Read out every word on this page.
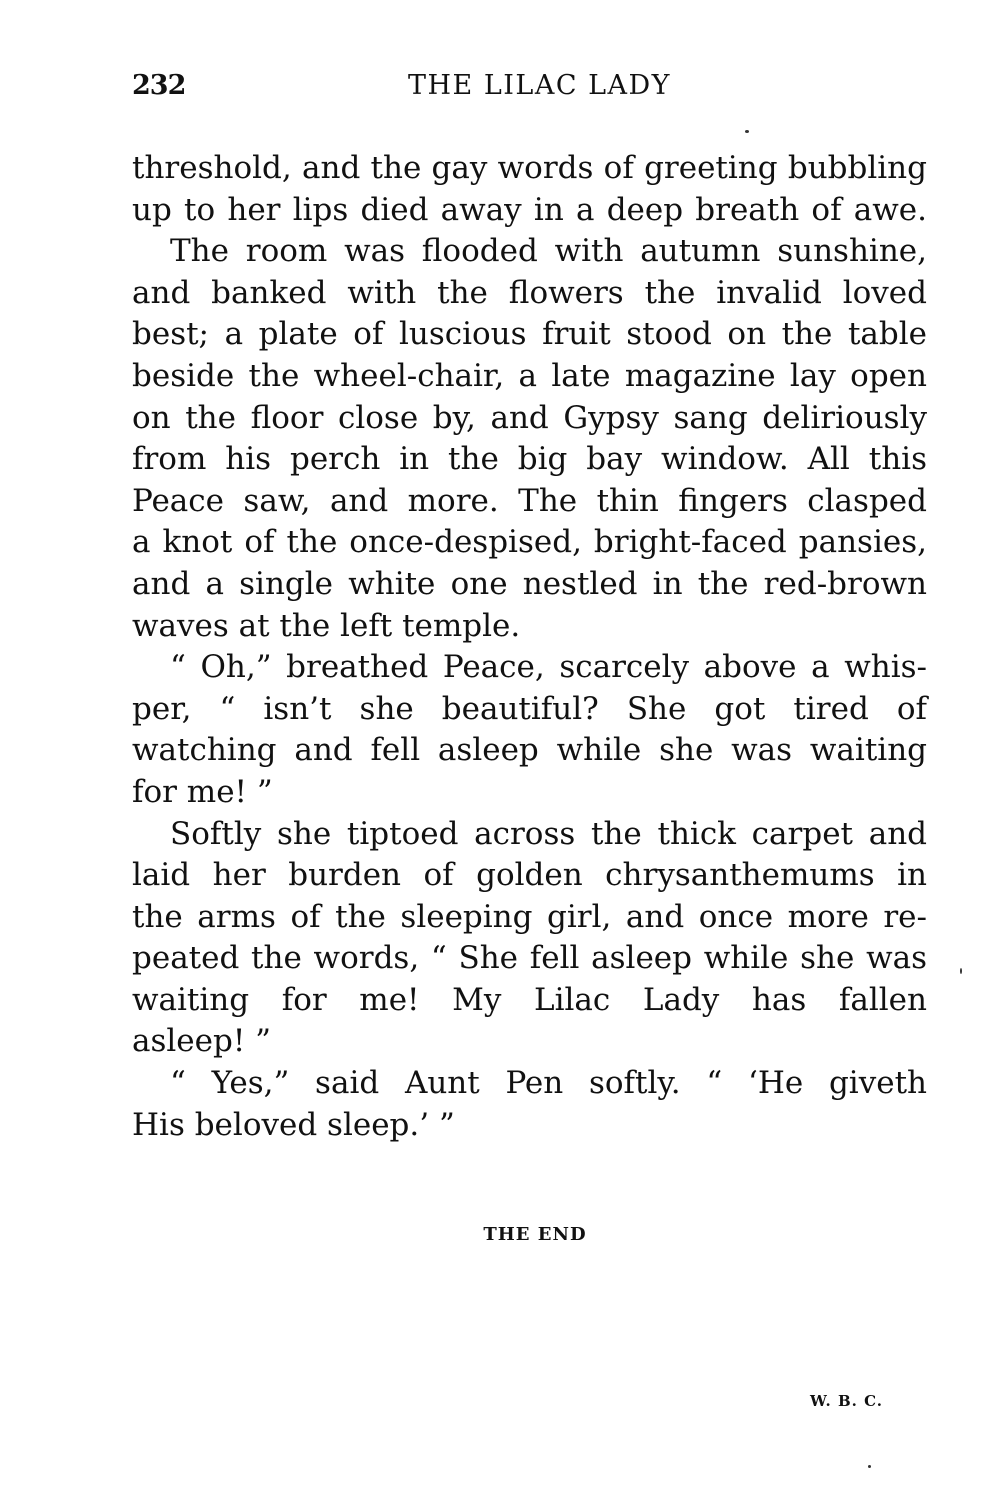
232	THE LILAC LADY
threshold, and the gay words of greeting bubbling
up to her lips died away in a deep breath of awe.
The room was flooded with autumn sunshine,
and banked with the flowers the invalid loved
best; a plate of luscious fruit stood on the table
beside the wheel-chair, a late magazine lay open
on the floor close by, and Gypsy sang deliriously
from his perch in the big bay window. All this
Peace saw, and more. The thin fingers clasped
a knot of the once-despised, bright-faced pansies,
and a single white one nestled in the red-brown
waves at the left temple.
“ Oh,” breathed Peace, scarcely above a whis-
per, “ isn’t she beautiful? She got tired of
watching and fell asleep while she was waiting
for me! ”
Softly she tiptoed across the thick carpet and
laid her burden of golden chrysanthemums in
the arms of the sleeping girl, and once more re-
peated the words, “ She fell asleep while she was
waiting for me! My Lilac Lady has fallen
asleep! ”
“ Yes,” said Aunt Pen softly. “ ‘He giveth
His beloved sleep.’ ”
THE END
W. B. C.
